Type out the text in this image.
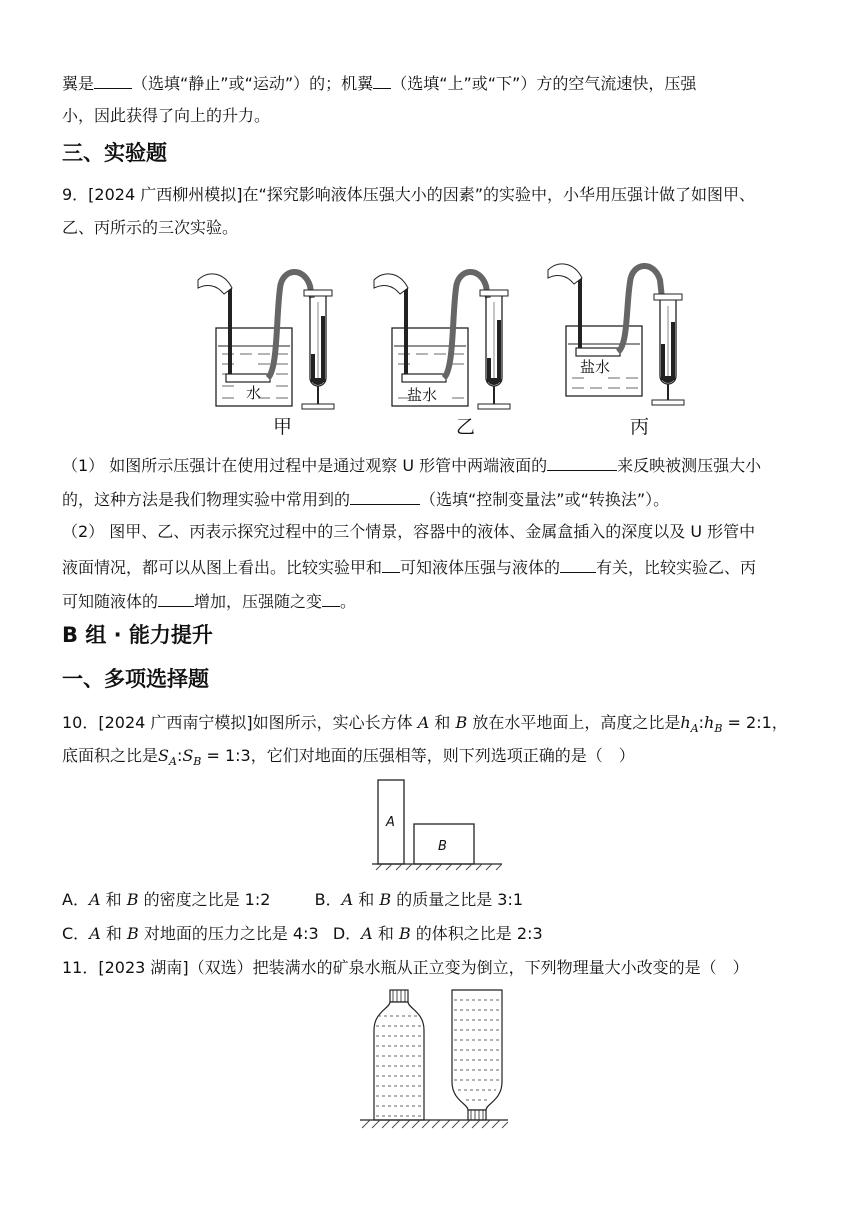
翼是 （选填“静止”或“运动”）的；机翼 （选填“上”或“下”）方的空气流速快，压强
小，因此获得了向上的升力。
三、实验题
9．[2024 广西柳州模拟]在“探究影响液体压强大小的因素”的实验中，小华用压强计做了如图甲、
乙、丙所示的三次实验。
水
甲
盐水
乙
盐水
丙
（1） 如图所示压强计在使用过程中是通过观察 U 形管中两端液面的	来反映被测压强大小
的，这种方法是我们物理实验中常用到的	（选填“控制变量法”或“转换法”）。
（2） 图甲、乙、丙表示探究过程中的三个情景，容器中的液体、金属盒插入的深度以及 U 形管中
液面情况，都可以从图上看出。比较实验甲和 可知液体压强与液体的 有关，比较实验乙、丙
可知随液体的 增加，压强随之变 。
B 组 · 能力提升
一、多项选择题
10．[2024 广西南宁模拟]如图所示，实心长方体 A 和 B 放在水平地面上，高度之比是$h_A:h_B$ = 2:1，
底面积之比是$S_A:S_B$ = 1:3，它们对地面的压强相等，则下列选项正确的是（　）
A
B
A．A 和 B 的密度之比是 1:2	B．A 和 B 的质量之比是 3:1
C．A 和 B 对地面的压力之比是 4:3 D．A 和 B 的体积之比是 2:3
11．[2023 湖南]（双选）把装满水的矿泉水瓶从正立变为倒立，下列物理量大小改变的是（　）
